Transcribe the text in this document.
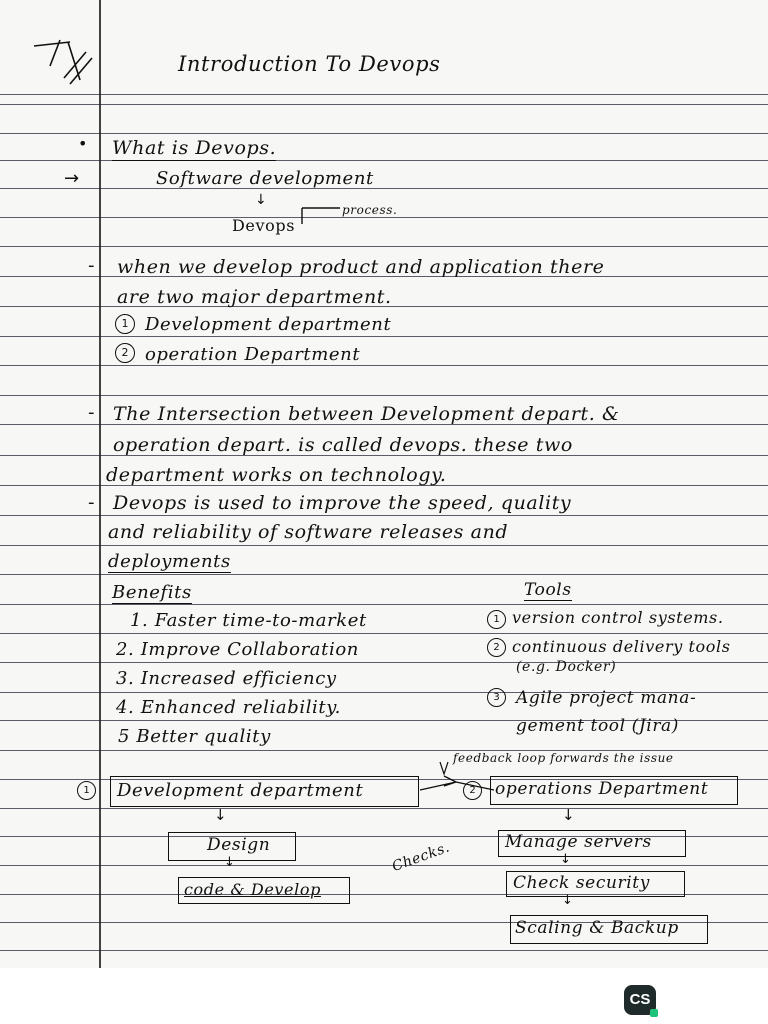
Introduction To Devops
• What is Devops.
→	Software development
↓
Devops
process.
- when we develop product and application there
are two major department.
1 Development department
2 operation Department
- The Intersection between Development depart. &
operation depart. is called devops. these two
department works on technology.
- Devops is used to improve the speed, quality
and reliability of software releases and
deployments
Benefits
1. Faster time-to-market
2. Improve Collaboration
3. Increased efficiency
4. Enhanced reliability.
5 Better quality
Tools
1 version control systems.
2 continuous delivery tools
(e.g. Docker)
3 Agile project mana-
gement tool (Jira)
feedback loop forwards the issue
1	Development department	2	operations Department
↓
Design
↓
code & Develop
Checks.
↓
Manage servers
↓
Check security
↓
Scaling & Backup
CS
